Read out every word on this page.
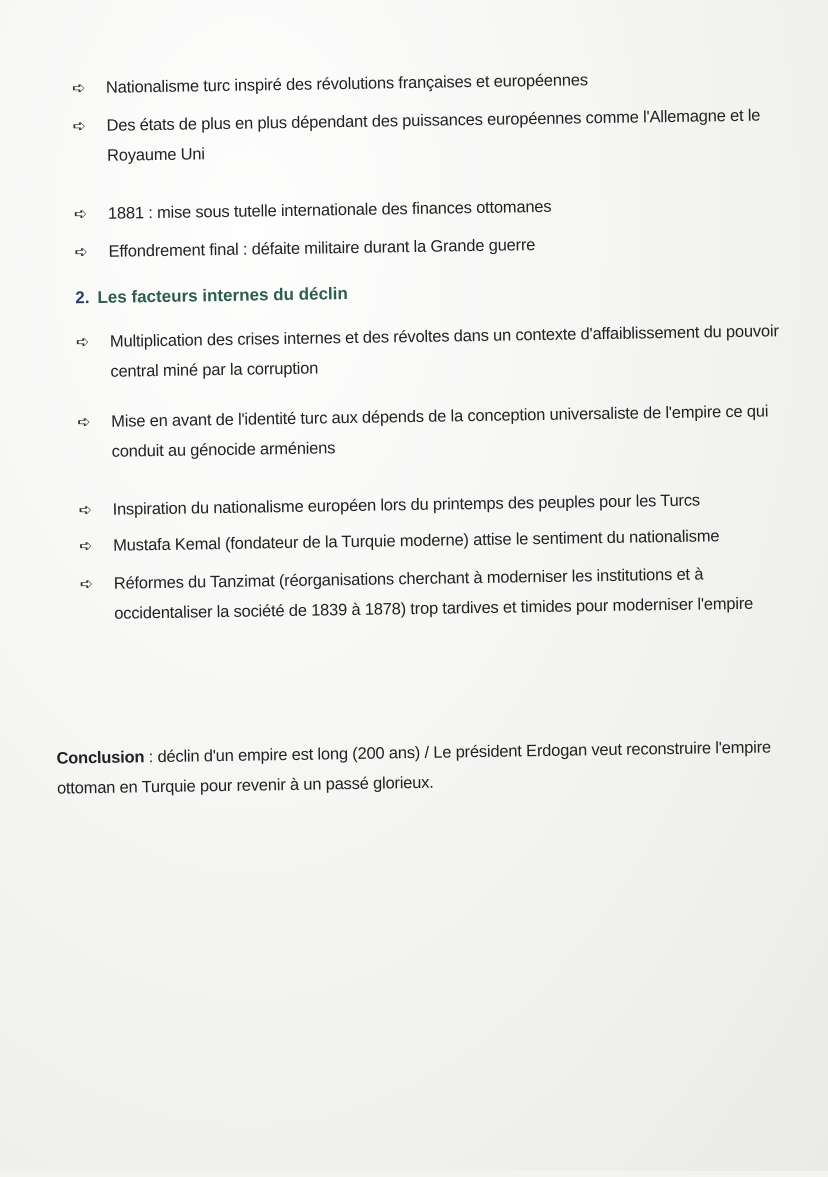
➪	Nationalisme turc inspiré des révolutions françaises et européennes
➪	Des états de plus en plus dépendant des puissances européennes comme l'Allemagne et le Royaume Uni
➪	1881 : mise sous tutelle internationale des finances ottomanes
➪	Effondrement final : défaite militaire durant la Grande guerre
2. Les facteurs internes du déclin
➪	Multiplication des crises internes et des révoltes dans un contexte d'affaiblissement du pouvoir central miné par la corruption
➪	Mise en avant de l'identité turc aux dépends de la conception universaliste de l'empire ce qui conduit au génocide arméniens
➪	Inspiration du nationalisme européen lors du printemps des peuples pour les Turcs
➪	Mustafa Kemal (fondateur de la Turquie moderne) attise le sentiment du nationalisme
➪	Réformes du Tanzimat (réorganisations cherchant à moderniser les institutions et à occidentaliser la société de 1839 à 1878) trop tardives et timides pour moderniser l'empire
Conclusion : déclin d'un empire est long (200 ans) / Le président Erdogan veut reconstruire l'empire ottoman en Turquie pour revenir à un passé glorieux.
